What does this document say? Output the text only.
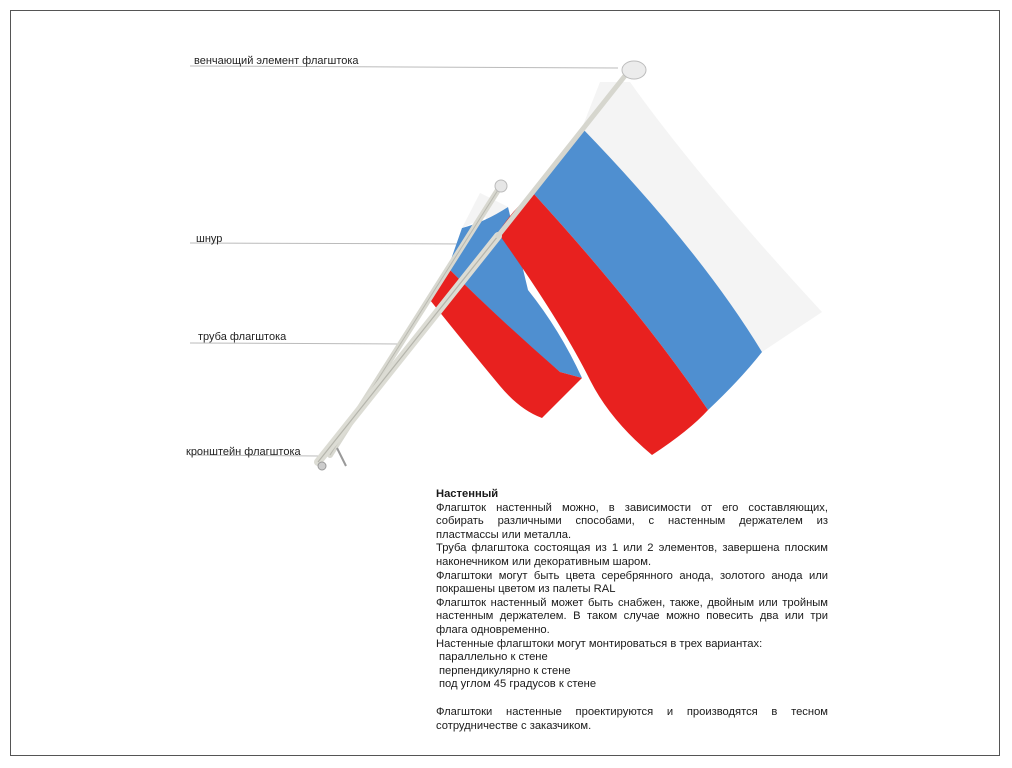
венчающий элемент флагштока
шнур
труба флагштока
кронштейн флагштока
Настенный
Флагшток настенный можно, в зависимости от его составляющих, собирать различными способами, с настенным держателем из пластмассы или металла.
Труба флагштока состоящая из 1 или 2 элементов, завершена плоским наконечником или декоративным шаром.
Флагштоки могут быть цвета серебрянного анода, золотого анода или покрашены цветом из палеты RAL
Флагшток настенный может быть снабжен, также, двойным или тройным настенным держателем. В таком случае можно повесить два или три флага одновременно.
Настенные флагштоки могут монтироваться в трех вариантах:
параллельно к стене
перпендикулярно к стене
под углом 45 градусов к стене
Флагштоки настенные проектируются и производятся в тесном сотрудничестве с заказчиком.
